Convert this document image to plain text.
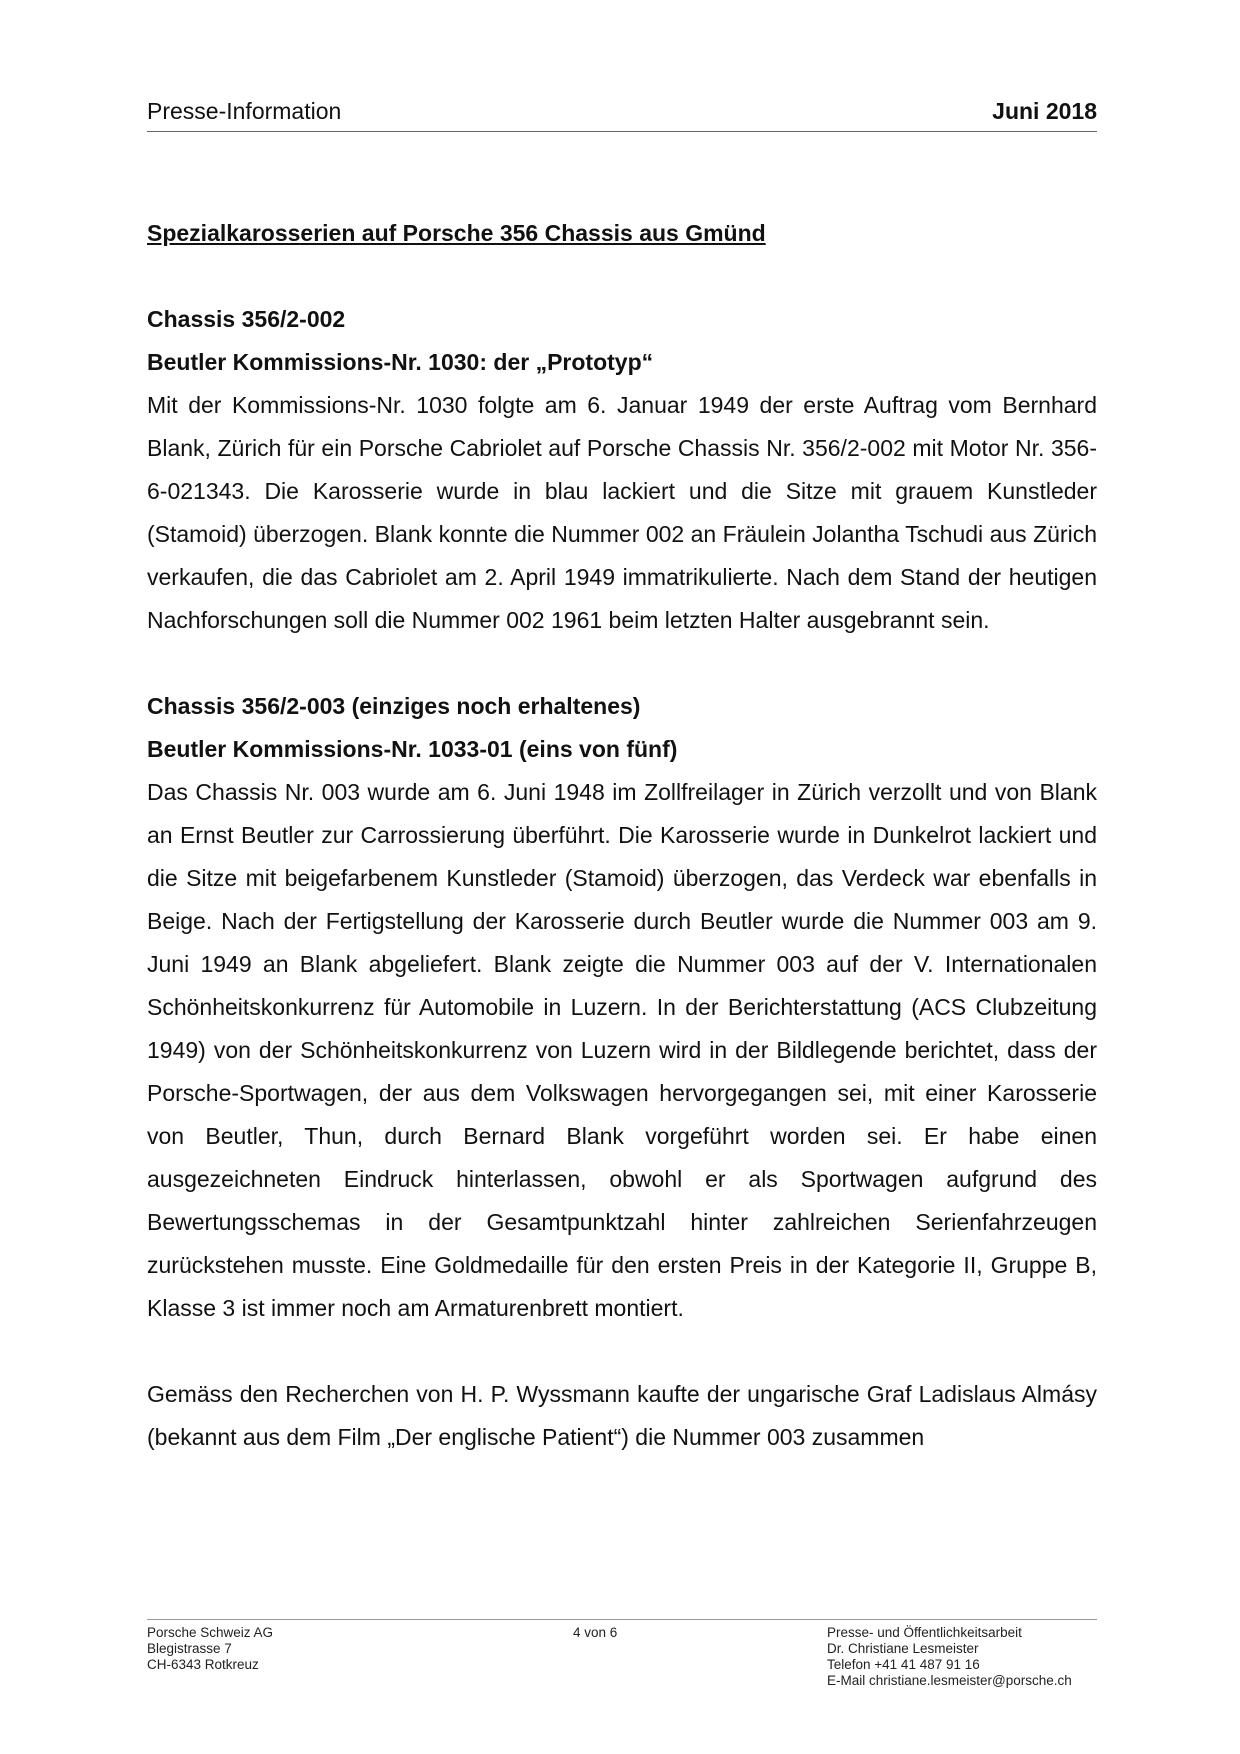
Presse-Information	Juni 2018

Spezialkarosserien auf Porsche 356 Chassis aus Gmünd

Chassis 356/2-002

Beutler Kommissions-Nr. 1030: der „Prototyp“

Mit der Kommissions-Nr. 1030 folgte am 6. Januar 1949 der erste Auftrag vom Bernhard Blank, Zürich für ein Porsche Cabriolet auf Porsche Chassis Nr. 356/2-002 mit Motor Nr. 356-6-021343. Die Karosserie wurde in blau lackiert und die Sitze mit grauem Kunstleder (Stamoid) überzogen. Blank konnte die Nummer 002 an Fräulein Jolantha Tschudi aus Zürich verkaufen, die das Cabriolet am 2. April 1949 immatrikulierte. Nach dem Stand der heutigen Nachforschungen soll die Nummer 002 1961 beim letzten Halter ausgebrannt sein.

Chassis 356/2-003 (einziges noch erhaltenes)

Beutler Kommissions-Nr. 1033-01 (eins von fünf)

Das Chassis Nr. 003 wurde am 6. Juni 1948 im Zollfreilager in Zürich verzollt und von Blank an Ernst Beutler zur Carrossierung überführt. Die Karosserie wurde in Dunkelrot lackiert und die Sitze mit beigefarbenem Kunstleder (Stamoid) überzogen, das Verdeck war ebenfalls in Beige. Nach der Fertigstellung der Karosserie durch Beutler wurde die Nummer 003 am 9. Juni 1949 an Blank abgeliefert. Blank zeigte die Nummer 003 auf der V. Internationalen Schönheitskonkurrenz für Automobile in Luzern. In der Berichterstattung (ACS Clubzeitung 1949) von der Schönheitskonkurrenz von Luzern wird in der Bildlegende berichtet, dass der Porsche-Sportwagen, der aus dem Volkswagen hervorgegangen sei, mit einer Karosserie von Beutler, Thun, durch Bernard Blank vorgeführt worden sei. Er habe einen ausgezeichneten Eindruck hinterlassen, obwohl er als Sportwagen aufgrund des Bewertungsschemas in der Gesamtpunktzahl hinter zahlreichen Serienfahrzeugen zurückstehen musste. Eine Goldmedaille für den ersten Preis in der Kategorie II, Gruppe B, Klasse 3 ist immer noch am Armaturenbrett montiert.

Gemäss den Recherchen von H. P. Wyssmann kaufte der ungarische Graf Ladislaus Almásy (bekannt aus dem Film „Der englische Patient“) die Nummer 003 zusammen

Porsche Schweiz AG
Blegistrasse 7
CH-6343 Rotkreuz
4 von 6	Presse- und Öffentlichkeitsarbeit
Dr. Christiane Lesmeister
Telefon +41 41 487 91 16
E-Mail christiane.lesmeister@porsche.ch
